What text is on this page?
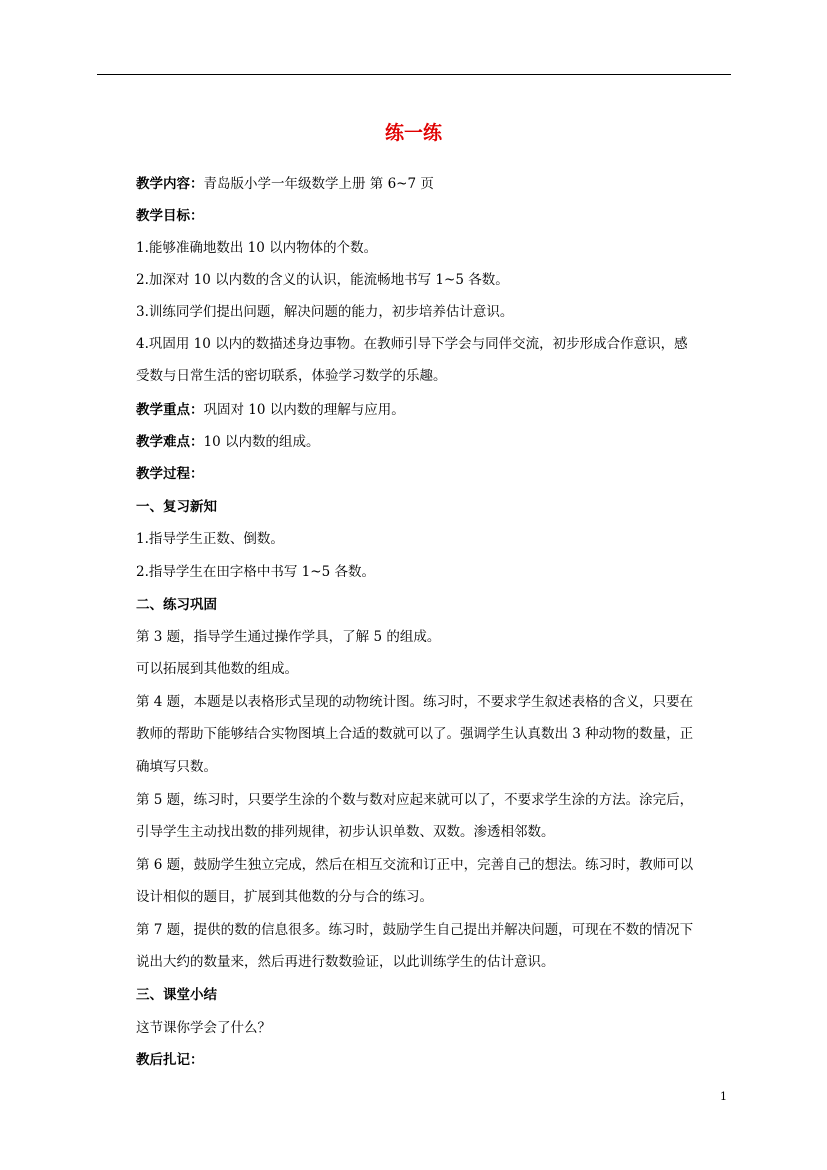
练一练
教学内容：青岛版小学一年级数学上册 第 6~7 页
教学目标：
1.能够准确地数出 10 以内物体的个数。
2.加深对 10 以内数的含义的认识，能流畅地书写 1~5 各数。
3.训练同学们提出问题，解决问题的能力，初步培养估计意识。
4.巩固用 10 以内的数描述身边事物。在教师引导下学会与同伴交流，初步形成合作意识，感
受数与日常生活的密切联系，体验学习数学的乐趣。
教学重点：巩固对 10 以内数的理解与应用。
教学难点：10 以内数的组成。
教学过程：
一、复习新知
1.指导学生正数、倒数。
2.指导学生在田字格中书写 1~5 各数。
二、练习巩固
第 3 题，指导学生通过操作学具，了解 5 的组成。
可以拓展到其他数的组成。
第 4 题，本题是以表格形式呈现的动物统计图。练习时，不要求学生叙述表格的含义，只要在
教师的帮助下能够结合实物图填上合适的数就可以了。强调学生认真数出 3 种动物的数量，正
确填写只数。
第 5 题，练习时，只要学生涂的个数与数对应起来就可以了，不要求学生涂的方法。涂完后，
引导学生主动找出数的排列规律，初步认识单数、双数。渗透相邻数。
第 6 题，鼓励学生独立完成，然后在相互交流和订正中，完善自己的想法。练习时，教师可以
设计相似的题目，扩展到其他数的分与合的练习。
第 7 题，提供的数的信息很多。练习时，鼓励学生自己提出并解决问题，可现在不数的情况下
说出大约的数量来，然后再进行数数验证，以此训练学生的估计意识。
三、课堂小结
这节课你学会了什么？
教后扎记：
1
